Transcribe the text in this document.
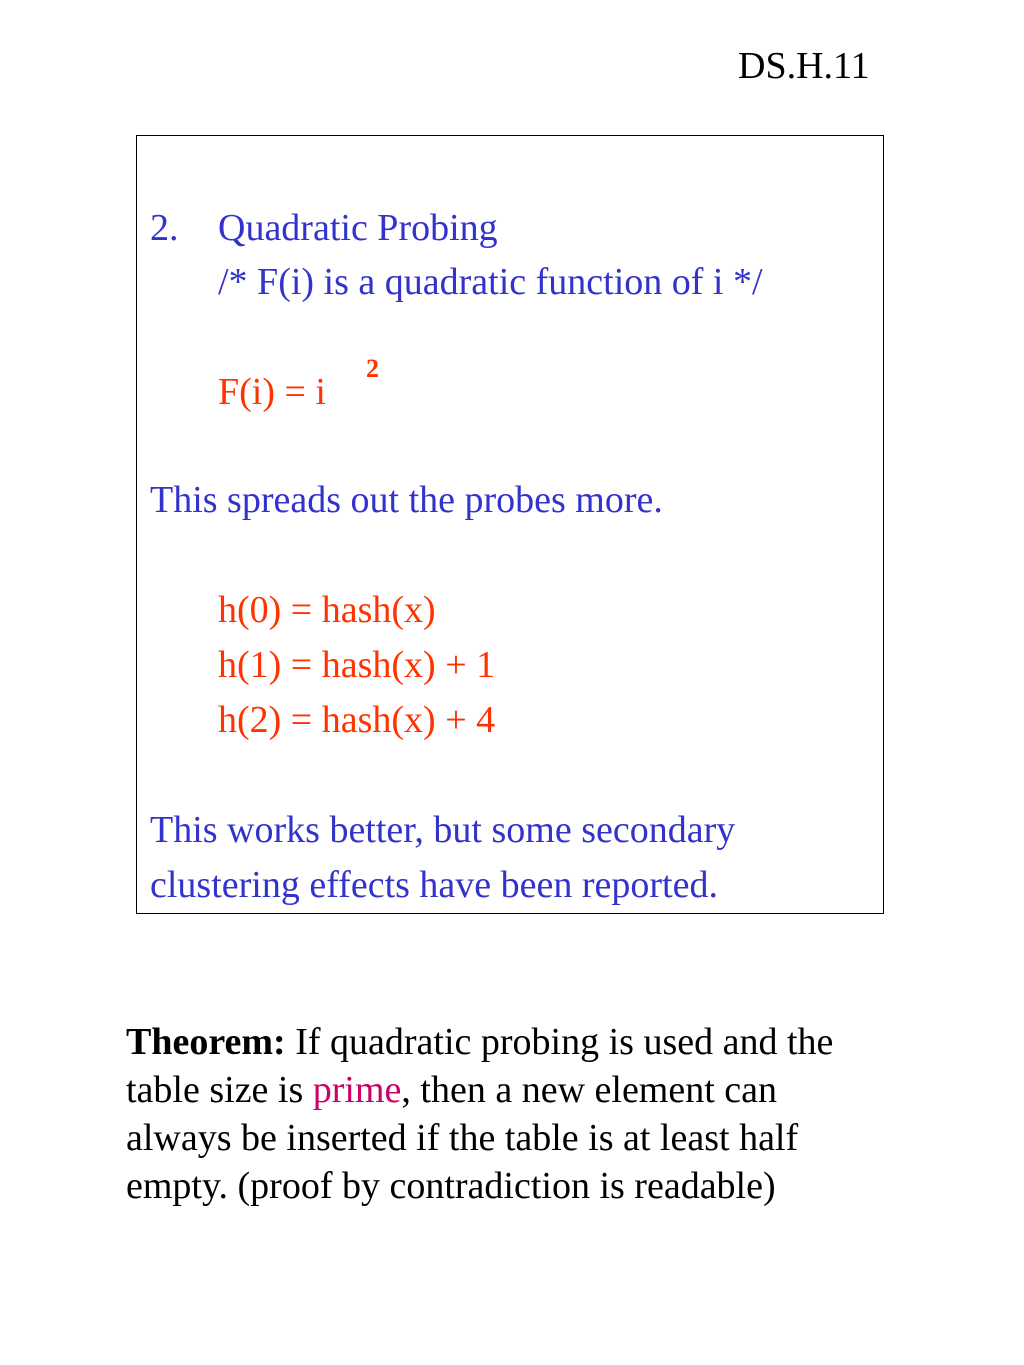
DS.H.11
2. Quadratic Probing
/* F(i) is a quadratic function of i */
F(i) = i
2
This spreads out the probes more.
h(0) = hash(x)
h(1) = hash(x) + 1
h(2) = hash(x) + 4
This works better, but some secondary
clustering effects have been reported.
Theorem: If quadratic probing is used and the
table size is prime, then a new element can
always be inserted if the table is at least half
empty. (proof by contradiction is readable)
